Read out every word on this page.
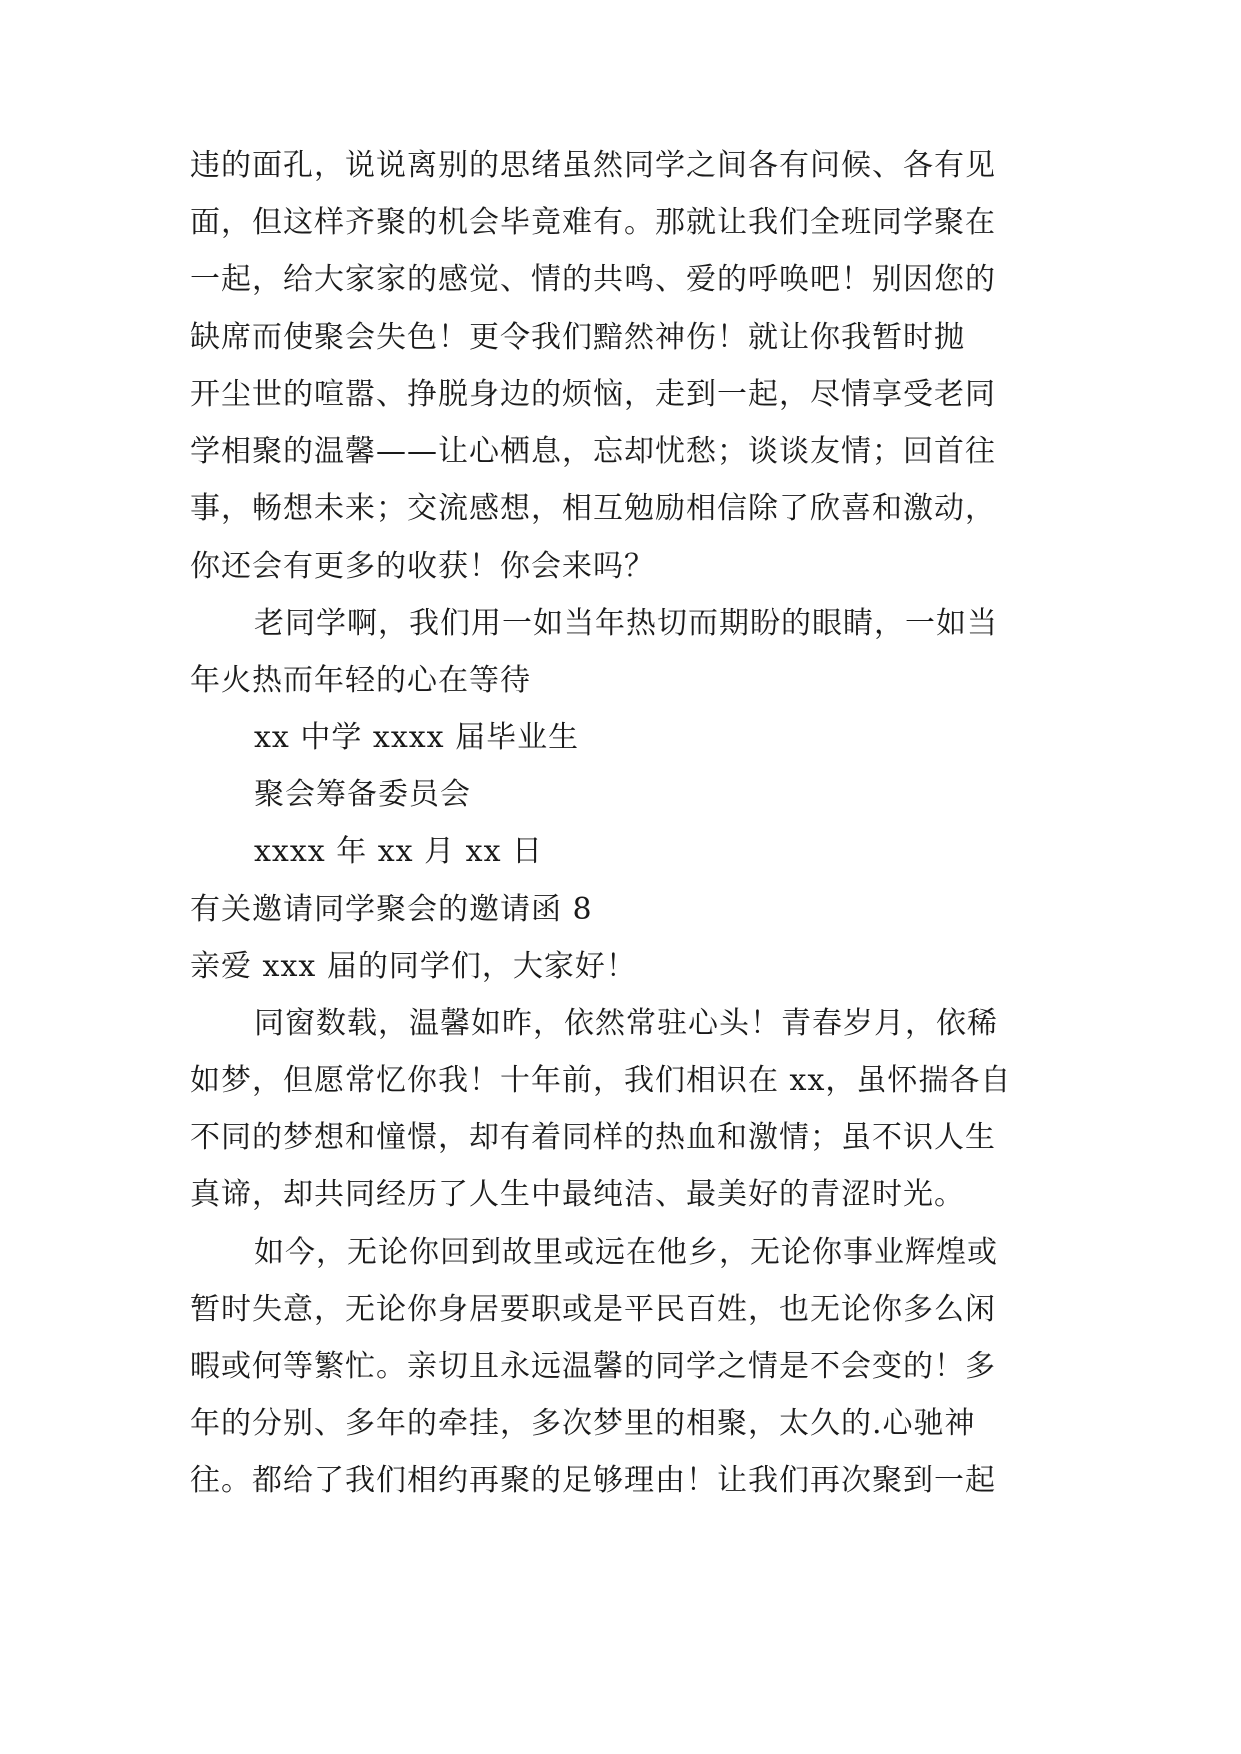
违的面孔，说说离别的思绪虽然同学之间各有问候、各有见
面，但这样齐聚的机会毕竟难有。那就让我们全班同学聚在
一起，给大家家的感觉、情的共鸣、爱的呼唤吧！别因您的
缺席而使聚会失色！更令我们黯然神伤！就让你我暂时抛
开尘世的喧嚣、挣脱身边的烦恼，走到一起，尽情享受老同
学相聚的温馨——让心栖息，忘却忧愁；谈谈友情；回首往
事，畅想未来；交流感想，相互勉励相信除了欣喜和激动，
你还会有更多的收获！你会来吗？
老同学啊，我们用一如当年热切而期盼的眼睛，一如当
年火热而年轻的心在等待
xx 中学 xxxx 届毕业生
聚会筹备委员会
xxxx 年 xx 月 xx 日
有关邀请同学聚会的邀请函 8
亲爱 xxx 届的同学们，大家好！
同窗数载，温馨如昨，依然常驻心头！青春岁月，依稀
如梦，但愿常忆你我！十年前，我们相识在 xx，虽怀揣各自
不同的梦想和憧憬，却有着同样的热血和激情；虽不识人生
真谛，却共同经历了人生中最纯洁、最美好的青涩时光。
如今，无论你回到故里或远在他乡，无论你事业辉煌或
暂时失意，无论你身居要职或是平民百姓，也无论你多么闲
暇或何等繁忙。亲切且永远温馨的同学之情是不会变的！多
年的分别、多年的牵挂，多次梦里的相聚，太久的.心驰神
往。都给了我们相约再聚的足够理由！让我们再次聚到一起
